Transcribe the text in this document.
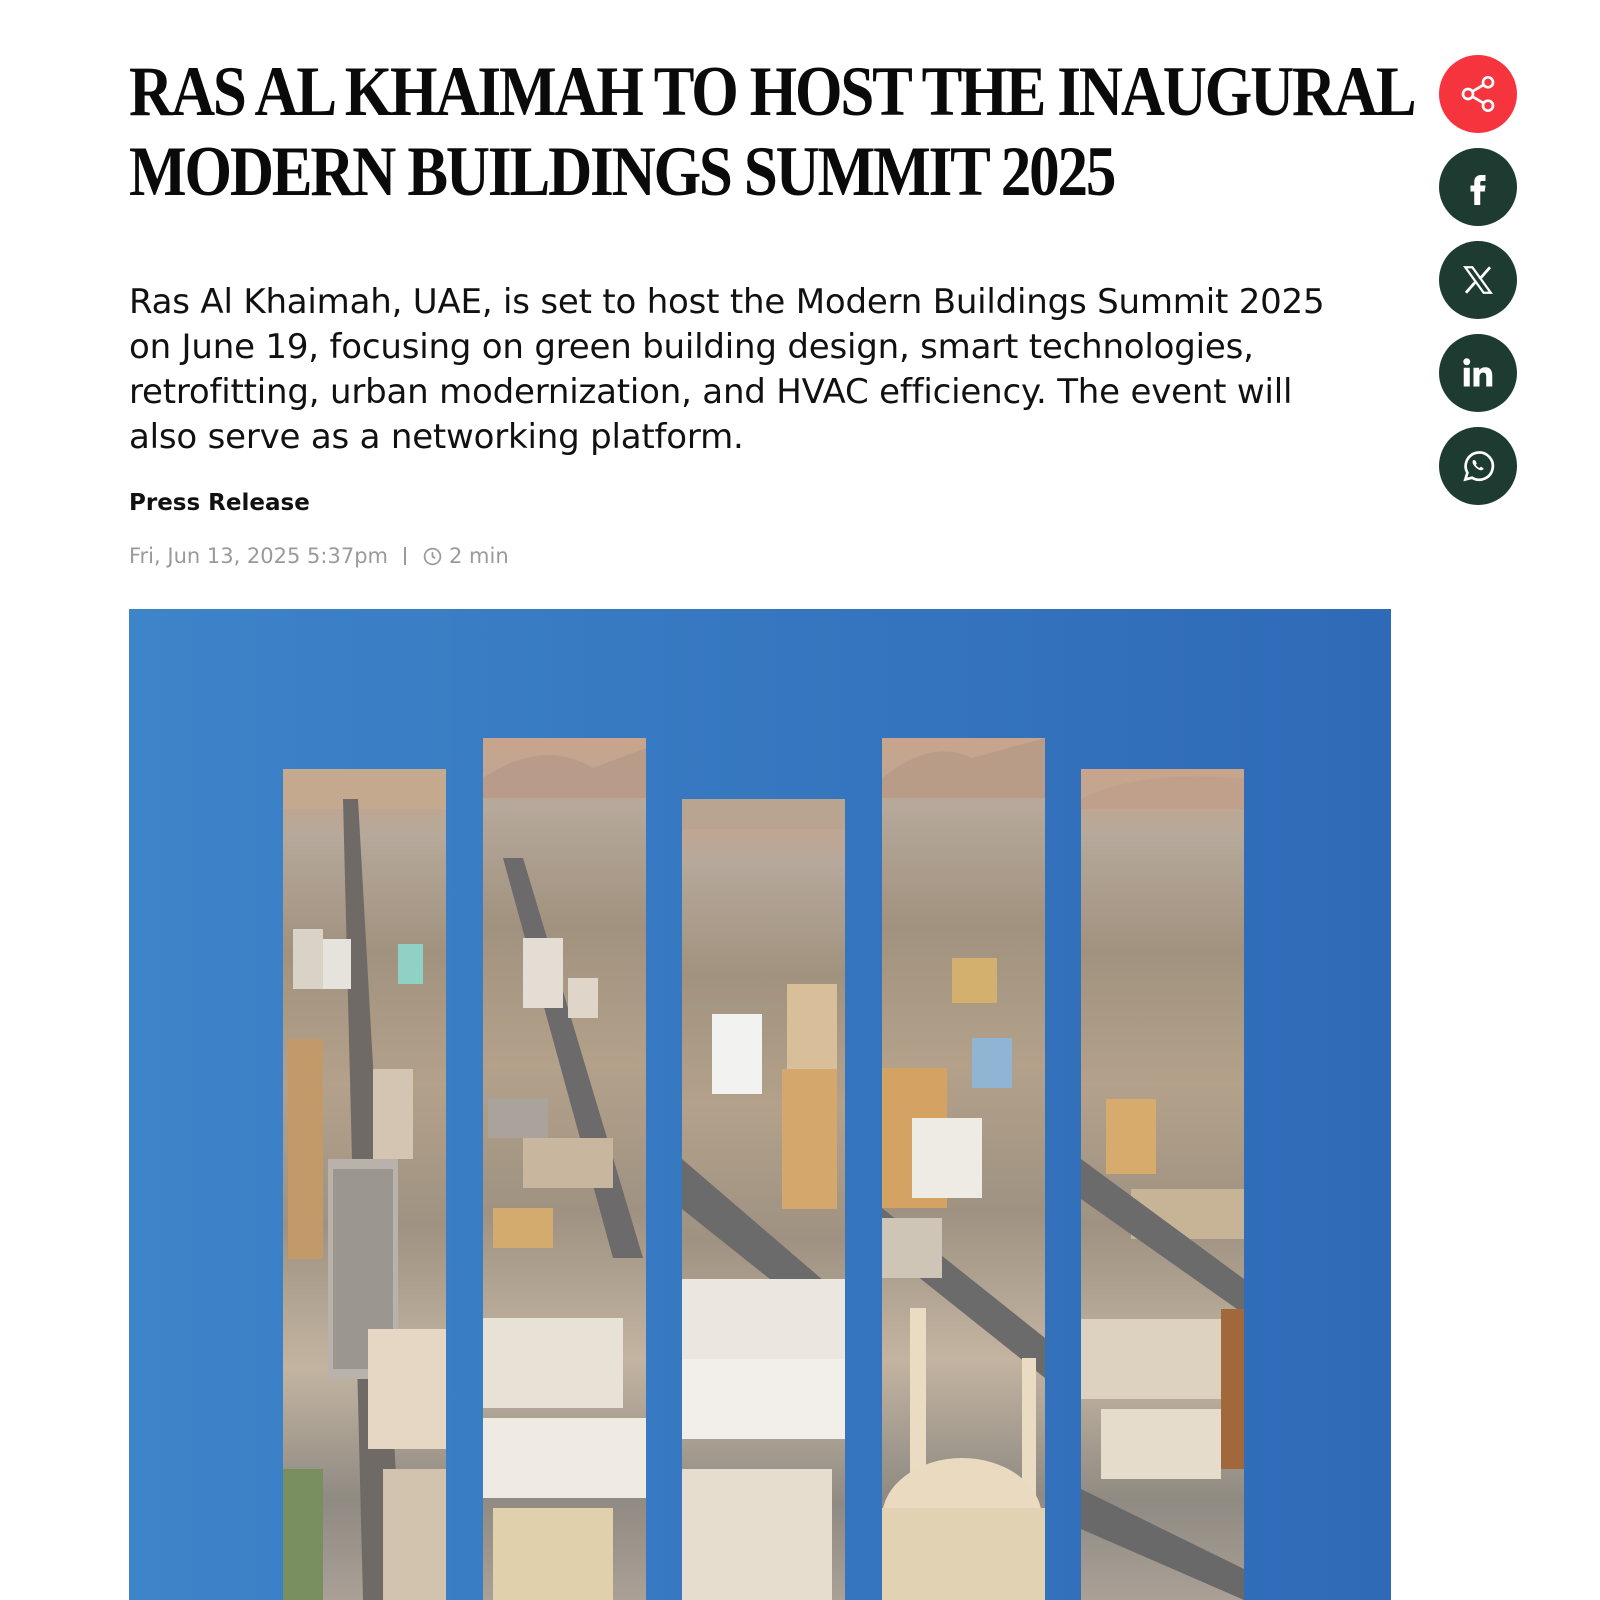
RAS AL KHAIMAH TO HOST THE INAUGURAL
MODERN BUILDINGS SUMMIT 2025

Ras Al Khaimah, UAE, is set to host the Modern Buildings Summit 2025 on June 19, focusing on green building design, smart technologies, retrofitting, urban modernization, and HVAC efficiency. The event will also serve as a networking platform.

Press Release
Fri, Jun 13, 2025 5:37pm	2 min
